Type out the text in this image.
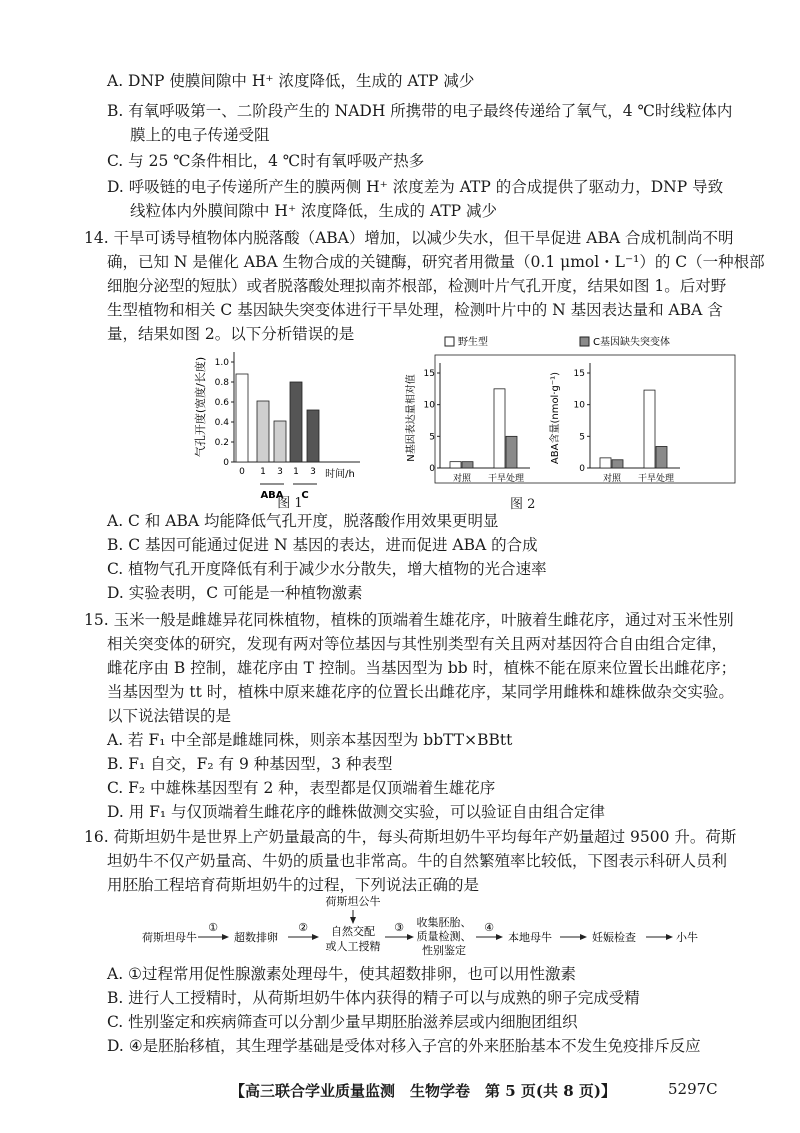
A. DNP 使膜间隙中 H⁺ 浓度降低，生成的 ATP 减少
B. 有氧呼吸第一、二阶段产生的 NADH 所携带的电子最终传递给了氧气，4 ℃时线粒体内
膜上的电子传递受阻
C. 与 25 ℃条件相比，4 ℃时有氧呼吸产热多
D. 呼吸链的电子传递所产生的膜两侧 H⁺ 浓度差为 ATP 的合成提供了驱动力，DNP 导致
线粒体内外膜间隙中 H⁺ 浓度降低，生成的 ATP 减少
14. 干旱可诱导植物体内脱落酸（ABA）增加，以减少失水，但干旱促进 ABA 合成机制尚不明
确，已知 N 是催化 ABA 生物合成的关键酶，研究者用微量（0.1 μmol・L⁻¹）的 C（一种根部
细胞分泌型的短肽）或者脱落酸处理拟南芥根部，检测叶片气孔开度，结果如图 1。后对野
生型植物和相关 C 基因缺失突变体进行干旱处理，检测叶片中的 N 基因表达量和 ABA 含
量，结果如图 2。以下分析错误的是
气孔开度(宽度/长度)
时间/h
ABA C
0
0.2
0.4
0.6
0.8
1.0
0 1 3 1 3
图 1
野生型	C基因缺失突变体
N基因表达量相对值	ABA含量(nmol·g⁻¹)
0
5
10
15
对照 干旱处理
0
5
10
15
对照 干旱处理
图 2
A. C 和 ABA 均能降低气孔开度，脱落酸作用效果更明显
B. C 基因可能通过促进 N 基因的表达，进而促进 ABA 的合成
C. 植物气孔开度降低有利于减少水分散失，增大植物的光合速率
D. 实验表明，C 可能是一种植物激素
15. 玉米一般是雌雄异花同株植物，植株的顶端着生雄花序，叶腋着生雌花序，通过对玉米性别
相关突变体的研究，发现有两对等位基因与其性别类型有关且两对基因符合自由组合定律，
雌花序由 B 控制，雄花序由 T 控制。当基因型为 bb 时，植株不能在原来位置长出雌花序；
当基因型为 tt 时，植株中原来雄花序的位置长出雌花序，某同学用雌株和雄株做杂交实验。
以下说法错误的是
A. 若 F₁ 中全部是雌雄同株，则亲本基因型为 bbTT×BBtt
B. F₁ 自交，F₂ 有 9 种基因型，3 种表型
C. F₂ 中雄株基因型有 2 种，表型都是仅顶端着生雄花序
D. 用 F₁ 与仅顶端着生雌花序的雌株做测交实验，可以验证自由组合定律
16. 荷斯坦奶牛是世界上产奶量最高的牛，每头荷斯坦奶牛平均每年产奶量超过 9500 升。荷斯
坦奶牛不仅产奶量高、牛奶的质量也非常高。牛的自然繁殖率比较低，下图表示科研人员利
用胚胎工程培育荷斯坦奶牛的过程，下列说法正确的是
荷斯坦公牛
荷斯坦母牛
①
超数排卵
② 自然交配
或人工授精
③ 收集胚胎、
质量检测、
性别鉴定
④
本地母牛	妊娠检查	小牛
A. ①过程常用促性腺激素处理母牛，使其超数排卵，也可以用性激素
B. 进行人工授精时，从荷斯坦奶牛体内获得的精子可以与成熟的卵子完成受精
C. 性别鉴定和疾病筛查可以分割少量早期胚胎滋养层或内细胞团组织
D. ④是胚胎移植，其生理学基础是受体对移入子宫的外来胚胎基本不发生免疫排斥反应
【高三联合学业质量监测　生物学卷　第 5 页(共 8 页)】	5297C
